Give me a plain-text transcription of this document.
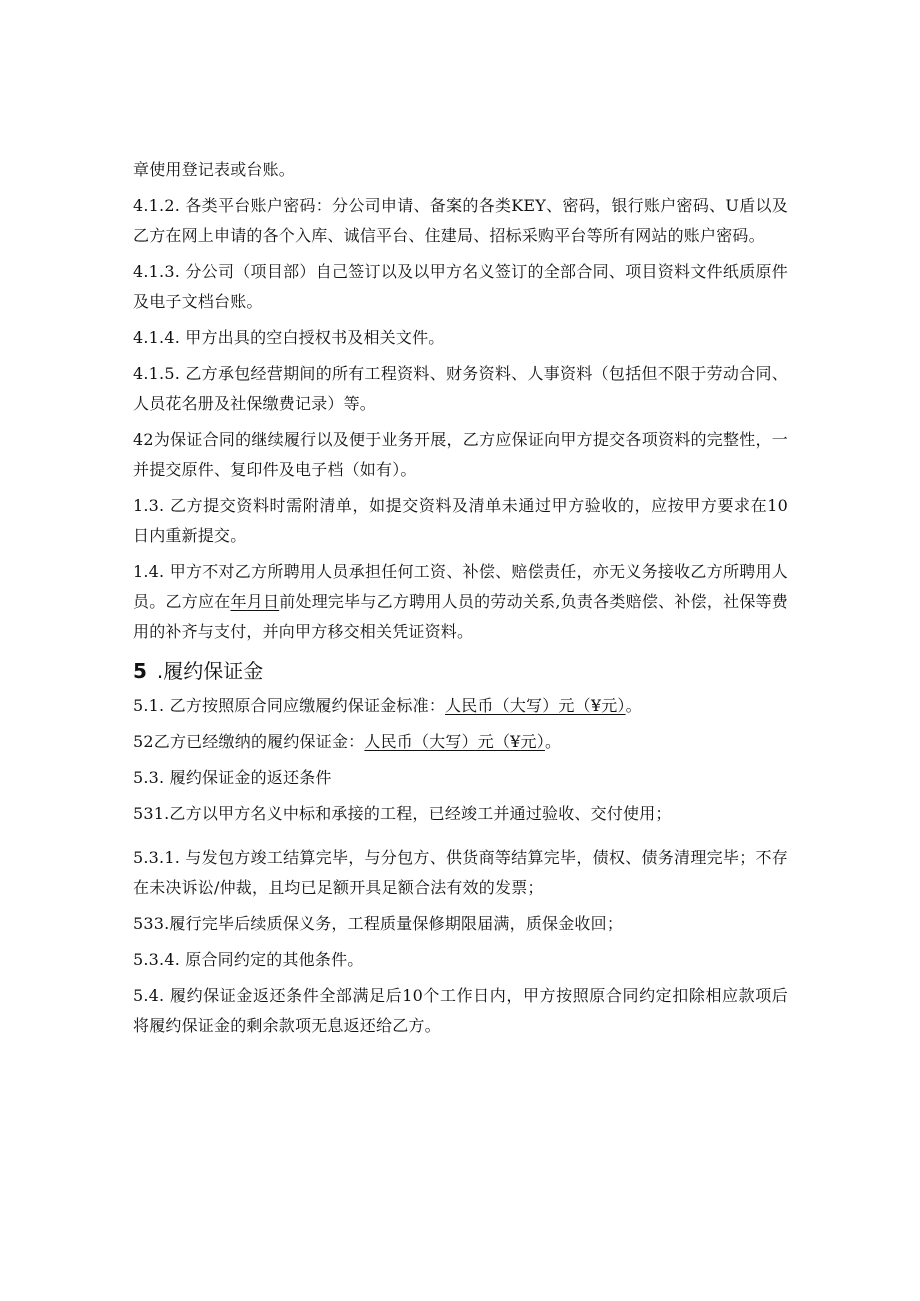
章使用登记表或台账。

4.1.2. 各类平台账户密码：分公司申请、备案的各类KEY、密码，银行账户密码、U盾以及乙方在网上申请的各个入库、诚信平台、住建局、招标采购平台等所有网站的账户密码。

4.1.3. 分公司（项目部）自己签订以及以甲方名义签订的全部合同、项目资料文件纸质原件及电子文档台账。

4.1.4. 甲方出具的空白授权书及相关文件。

4.1.5. 乙方承包经营期间的所有工程资料、财务资料、人事资料（包括但不限于劳动合同、人员花名册及社保缴费记录）等。

42为保证合同的继续履行以及便于业务开展，乙方应保证向甲方提交各项资料的完整性，一并提交原件、复印件及电子档（如有）。

1.3. 乙方提交资料时需附清单，如提交资料及清单未通过甲方验收的，应按甲方要求在10日内重新提交。

1.4. 甲方不对乙方所聘用人员承担任何工资、补偿、赔偿责任，亦无义务接收乙方所聘用人员。乙方应在年月日前处理完毕与乙方聘用人员的劳动关系,负责各类赔偿、补偿，社保等费用的补齐与支付，并向甲方移交相关凭证资料。

5 .履约保证金

5.1. 乙方按照原合同应缴履约保证金标准：人民币（大写）元（¥元）。

52乙方已经缴纳的履约保证金：人民币（大写）元（¥元）。

5.3. 履约保证金的返还条件

531.乙方以甲方名义中标和承接的工程，已经竣工并通过验收、交付使用；

5.3.1. 与发包方竣工结算完毕，与分包方、供货商等结算完毕，债权、债务清理完毕；不存在未决诉讼/仲裁，且均已足额开具足额合法有效的发票；

533.履行完毕后续质保义务，工程质量保修期限届满，质保金收回；

5.3.4. 原合同约定的其他条件。

5.4. 履约保证金返还条件全部满足后10个工作日内，甲方按照原合同约定扣除相应款项后将履约保证金的剩余款项无息返还给乙方。
